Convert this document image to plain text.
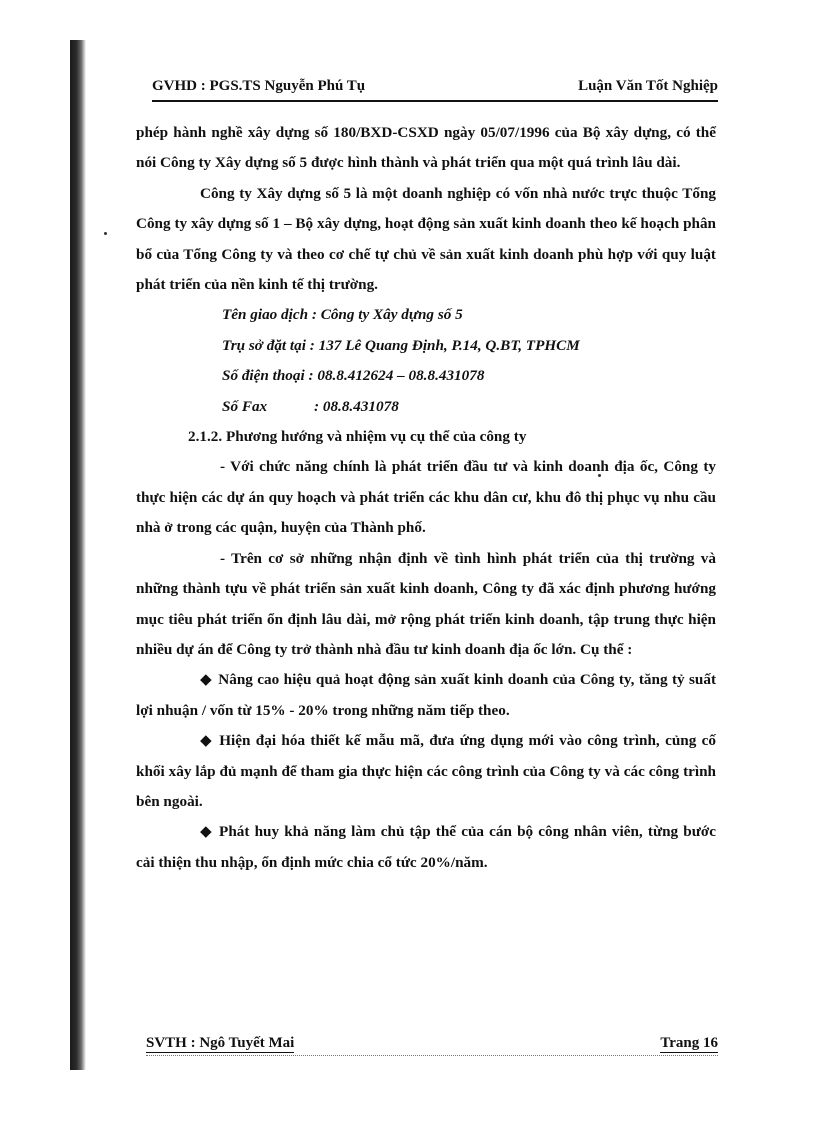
GVHD : PGS.TS Nguyễn Phú Tụ	Luận Văn Tốt Nghiệp

phép hành nghề xây dựng số 180/BXD-CSXD ngày 05/07/1996 của Bộ xây dựng, có thể nói Công ty Xây dựng số 5 được hình thành và phát triển qua một quá trình lâu dài.

Công ty Xây dựng số 5 là một doanh nghiệp có vốn nhà nước trực thuộc Tổng Công ty xây dựng số 1 – Bộ xây dựng, hoạt động sản xuất kinh doanh theo kế hoạch phân bổ của Tổng Công ty và theo cơ chế tự chủ về sản xuất kinh doanh phù hợp với quy luật phát triển của nền kinh tế thị trường.

Tên giao dịch : Công ty Xây dựng số 5

Trụ sở đặt tại : 137 Lê Quang Định, P.14, Q.BT, TPHCM

Số điện thoại : 08.8.412624 – 08.8.431078

Số Fax	: 08.8.431078

2.1.2. Phương hướng và nhiệm vụ cụ thể của công ty

- Với chức năng chính là phát triển đầu tư và kinh doanh địa ốc, Công ty thực hiện các dự án quy hoạch và phát triển các khu dân cư, khu đô thị phục vụ nhu cầu nhà ở trong các quận, huyện của Thành phố.

- Trên cơ sở những nhận định về tình hình phát triển của thị trường và những thành tựu về phát triển sản xuất kinh doanh, Công ty đã xác định phương hướng mục tiêu phát triển ổn định lâu dài, mở rộng phát triển kinh doanh, tập trung thực hiện nhiều dự án để Công ty trở thành nhà đầu tư kinh doanh địa ốc lớn. Cụ thể :

◆ Nâng cao hiệu quả hoạt động sản xuất kinh doanh của Công ty, tăng tỷ suất lợi nhuận / vốn từ 15% - 20% trong những năm tiếp theo.

◆ Hiện đại hóa thiết kế mẫu mã, đưa ứng dụng mới vào công trình, củng cố khối xây lắp đủ mạnh để tham gia thực hiện các công trình của Công ty và các công trình bên ngoài.

◆ Phát huy khả năng làm chủ tập thể của cán bộ công nhân viên, từng bước cải thiện thu nhập, ổn định mức chia cổ tức 20%/năm.

SVTH : Ngô Tuyết Mai	Trang 16
